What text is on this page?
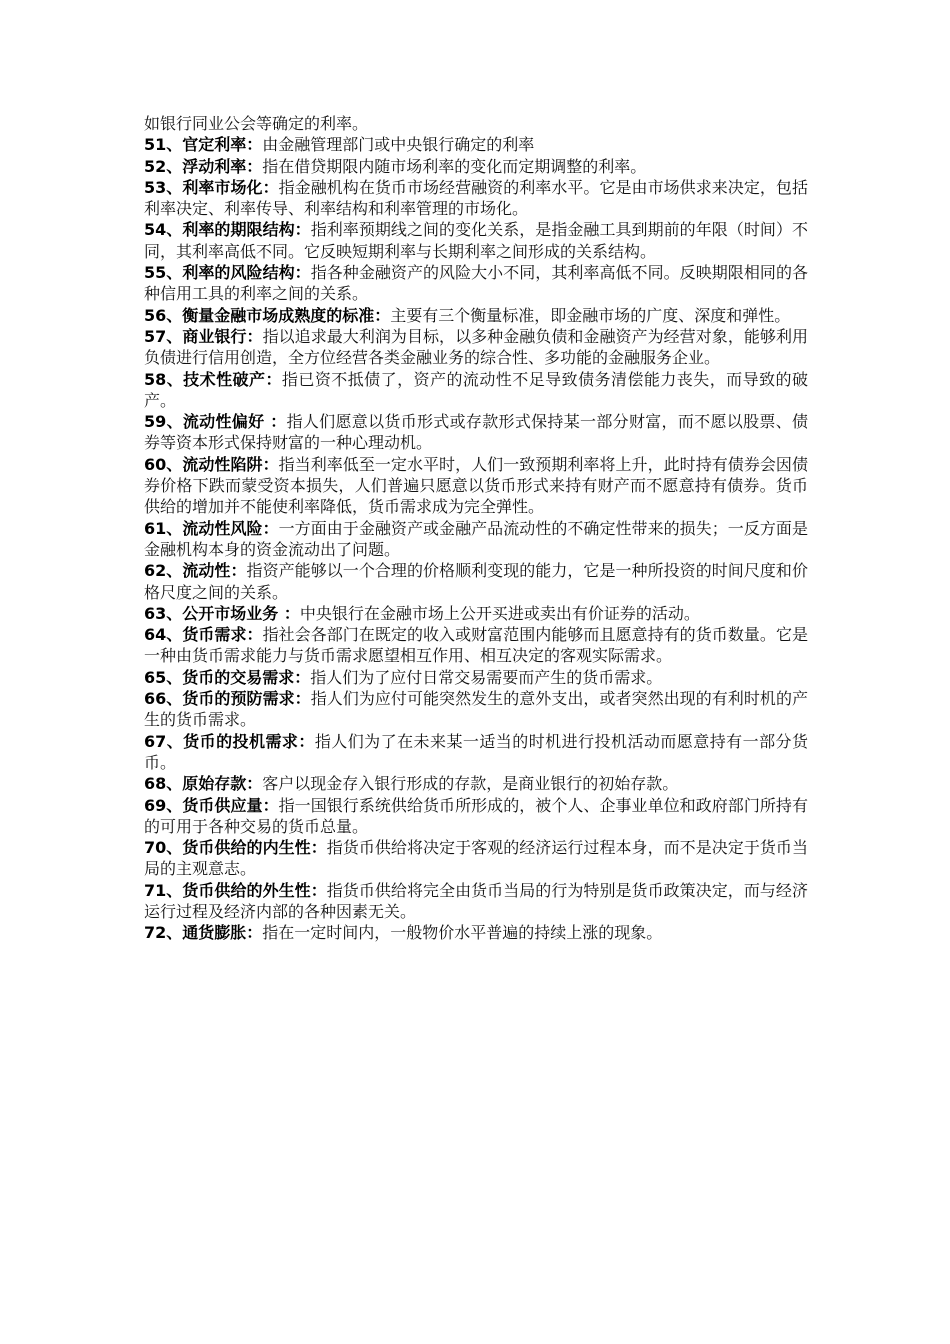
如银行同业公会等确定的利率。

51、官定利率：由金融管理部门或中央银行确定的利率

52、浮动利率：指在借贷期限内随市场利率的变化而定期调整的利率。

53、利率市场化：指金融机构在货币市场经营融资的利率水平。它是由市场供求来决定，包括利率决定、利率传导、利率结构和利率管理的市场化。

54、利率的期限结构：指利率预期线之间的变化关系，是指金融工具到期前的年限（时间）不同，其利率高低不同。它反映短期利率与长期利率之间形成的关系结构。

55、利率的风险结构：指各种金融资产的风险大小不同，其利率高低不同。反映期限相同的各种信用工具的利率之间的关系。

56、衡量金融市场成熟度的标准：主要有三个衡量标准，即金融市场的广度、深度和弹性。

57、商业银行：指以追求最大利润为目标，以多种金融负债和金融资产为经营对象，能够利用负债进行信用创造，全方位经营各类金融业务的综合性、多功能的金融服务企业。

58、技术性破产：指已资不抵债了，资产的流动性不足导致债务清偿能力丧失，而导致的破产。

59、流动性偏好 ：指人们愿意以货币形式或存款形式保持某一部分财富，而不愿以股票、债券等资本形式保持财富的一种心理动机。

60、流动性陷阱：指当利率低至一定水平时，人们一致预期利率将上升，此时持有债券会因债券价格下跌而蒙受资本损失，人们普遍只愿意以货币形式来持有财产而不愿意持有债券。货币供给的增加并不能使利率降低，货币需求成为完全弹性。

61、流动性风险：一方面由于金融资产或金融产品流动性的不确定性带来的损失；一反方面是金融机构本身的资金流动出了问题。

62、流动性：指资产能够以一个合理的价格顺利变现的能力，它是一种所投资的时间尺度和价格尺度之间的关系。

63、公开市场业务 ：中央银行在金融市场上公开买进或卖出有价证券的活动。

64、货币需求：指社会各部门在既定的收入或财富范围内能够而且愿意持有的货币数量。它是一种由货币需求能力与货币需求愿望相互作用、相互决定的客观实际需求。

65、货币的交易需求：指人们为了应付日常交易需要而产生的货币需求。

66、货币的预防需求：指人们为应付可能突然发生的意外支出，或者突然出现的有利时机的产生的货币需求。

67、货币的投机需求：指人们为了在未来某一适当的时机进行投机活动而愿意持有一部分货币。

68、原始存款：客户以现金存入银行形成的存款，是商业银行的初始存款。

69、货币供应量：指一国银行系统供给货币所形成的，被个人、企事业单位和政府部门所持有的可用于各种交易的货币总量。

70、货币供给的内生性：指货币供给将决定于客观的经济运行过程本身，而不是决定于货币当局的主观意志。

71、货币供给的外生性：指货币供给将完全由货币当局的行为特别是货币政策决定，而与经济运行过程及经济内部的各种因素无关。

72、通货膨胀：指在一定时间内，一般物价水平普遍的持续上涨的现象。
